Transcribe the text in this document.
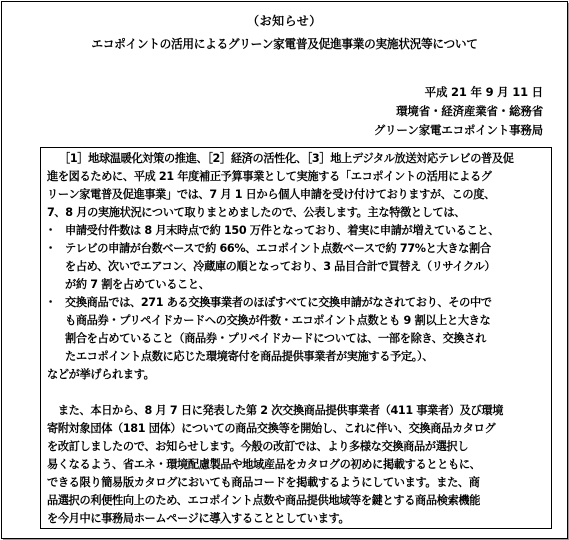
（お知らせ）
エコポイントの活用によるグリーン家電普及促進事業の実施状況等について
平成 21 年 9 月 11 日
環境省・経済産業省・総務省
グリーン家電エコポイント事務局
［1］地球温暖化対策の推進、［2］経済の活性化、［3］地上デジタル放送対応テレビの普及促
進を図るために、平成 21 年度補正予算事業として実施する「エコポイントの活用によるグ
リーン家電普及促進事業」では、7 月 1 日から個人申請を受け付けておりますが、この度、
7、8 月の実施状況について取りまとめましたので、公表します。主な特徴としては、
・ 申請受付件数は 8 月末時点で約 150 万件となっており、着実に申請が増えていること、
・ テレビの申請が台数ベースで約 66%、エコポイント点数ベースで約 77%と大きな割合
を占め、次いでエアコン、冷蔵庫の順となっており、3 品目合計で買替え（リサイクル）
が約 7 割を占めていること、
・ 交換商品では、271 ある交換事業者のほぼすべてに交換申請がなされており、その中で
も商品券・プリペイドカードへの交換が件数・エコポイント点数とも 9 割以上と大きな
割合を占めていること（商品券・プリペイドカードについては、一部を除き、交換され
たエコポイント点数に応じた環境寄付を商品提供事業者が実施する予定。）、
などが挙げられます。
　また、本日から、8 月 7 日に発表した第 2 次交換商品提供事業者（411 事業者）及び環境
寄附対象団体（181 団体）についての商品交換等を開始し、これに伴い、交換商品カタログ
を改訂しましたので、お知らせします。今般の改訂では、より多様な交換商品が選択し
易くなるよう、省エネ・環境配慮製品や地域産品をカタログの初めに掲載するとともに、
できる限り簡易版カタログにおいても商品コードを掲載するようにしています。また、商
品選択の利便性向上のため、エコポイント点数や商品提供地域等を鍵とする商品検索機能
を今月中に事務局ホームページに導入することとしています。
